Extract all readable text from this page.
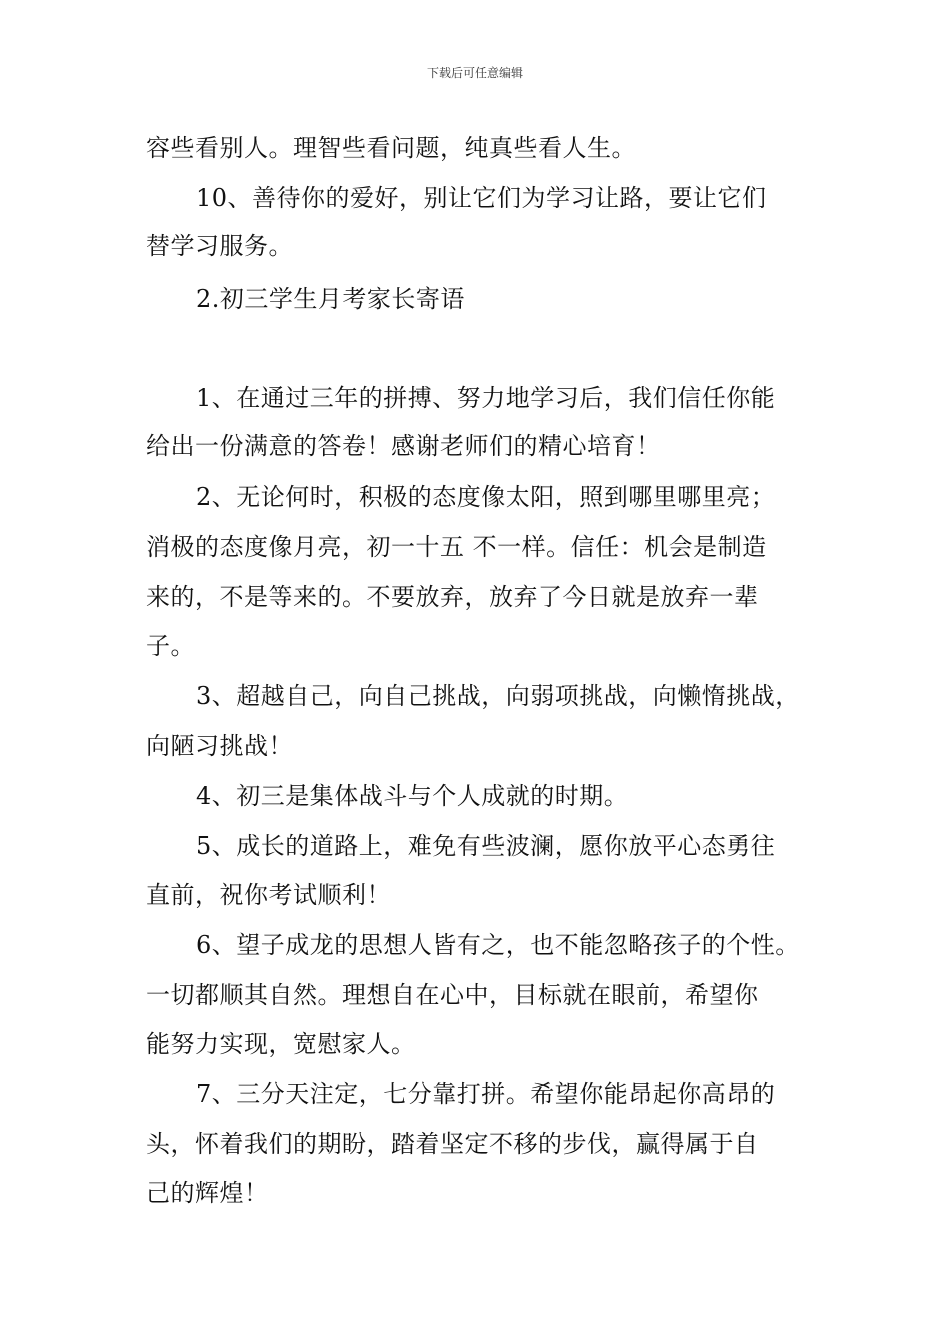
下载后可任意编辑
容些看别人。理智些看问题，纯真些看人生。
10、善待你的爱好，别让它们为学习让路，要让它们
替学习服务。
2.初三学生月考家长寄语
1、在通过三年的拼搏、努力地学习后，我们信任你能
给出一份满意的答卷！感谢老师们的精心培育！
2、无论何时，积极的态度像太阳，照到哪里哪里亮；
消极的态度像月亮，初一十五 不一样。信任：机会是制造
来的，不是等来的。不要放弃，放弃了今日就是放弃一辈
子。
3、超越自己，向自己挑战，向弱项挑战，向懒惰挑战，
向陋习挑战！
4、初三是集体战斗与个人成就的时期。
5、成长的道路上，难免有些波澜，愿你放平心态勇往
直前，祝你考试顺利！
6、望子成龙的思想人皆有之，也不能忽略孩子的个性。
一切都顺其自然。理想自在心中，目标就在眼前，希望你
能努力实现，宽慰家人。
7、三分天注定，七分靠打拼。希望你能昂起你高昂的
头，怀着我们的期盼，踏着坚定不移的步伐，赢得属于自
己的辉煌！
